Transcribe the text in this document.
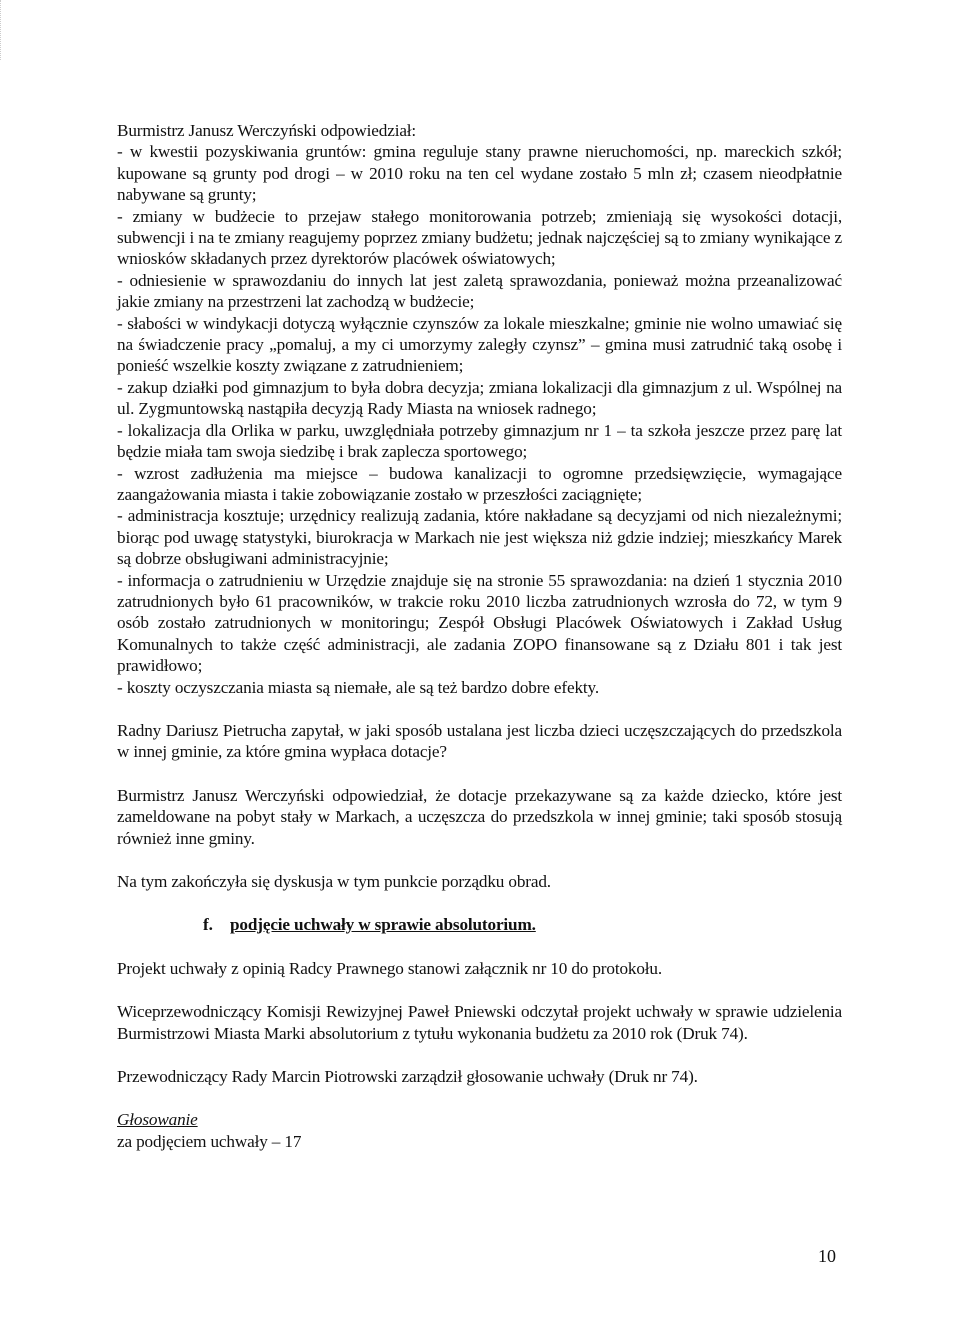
Burmistrz Janusz Werczyński odpowiedział:

- w kwestii pozyskiwania gruntów: gmina reguluje stany prawne nieruchomości, np. mareckich szkół; kupowane są grunty pod drogi – w 2010 roku na ten cel wydane zostało 5 mln zł; czasem nieodpłatnie nabywane są grunty;

- zmiany w budżecie to przejaw stałego monitorowania potrzeb; zmieniają się wysokości dotacji, subwencji i na te zmiany reagujemy poprzez zmiany budżetu; jednak najczęściej są to zmiany wynikające z wniosków składanych przez dyrektorów placówek oświatowych;

- odniesienie w sprawozdaniu do innych lat jest zaletą sprawozdania, ponieważ można przeanalizować jakie zmiany na przestrzeni lat zachodzą w budżecie;

- słabości w windykacji dotyczą wyłącznie czynszów za lokale mieszkalne; gminie nie wolno umawiać się na świadczenie pracy „pomaluj, a my ci umorzymy zaległy czynsz” – gmina musi zatrudnić taką osobę i ponieść wszelkie koszty związane z zatrudnieniem;

- zakup działki pod gimnazjum to była dobra decyzja; zmiana lokalizacji dla gimnazjum z ul. Wspólnej na ul. Zygmuntowską nastąpiła decyzją Rady Miasta na wniosek radnego;

- lokalizacja dla Orlika w parku, uwzględniała potrzeby gimnazjum nr 1 – ta szkoła jeszcze przez parę lat będzie miała tam swoja siedzibę i brak zaplecza sportowego;

- wzrost zadłużenia ma miejsce – budowa kanalizacji to ogromne przedsięwzięcie, wymagające zaangażowania miasta i takie zobowiązanie zostało w przeszłości zaciągnięte;

- administracja kosztuje; urzędnicy realizują zadania, które nakładane są decyzjami od nich niezależnymi; biorąc pod uwagę statystyki, biurokracja w Markach nie jest większa niż gdzie indziej; mieszkańcy Marek są dobrze obsługiwani administracyjnie;

- informacja o zatrudnieniu w Urzędzie znajduje się na stronie 55 sprawozdania: na dzień 1 stycznia 2010 zatrudnionych było 61 pracowników, w trakcie roku 2010 liczba zatrudnionych wzrosła do 72, w tym 9 osób zostało zatrudnionych w monitoringu; Zespół Obsługi Placówek Oświatowych i Zakład Usług Komunalnych to także część administracji, ale zadania ZOPO finansowane są z Działu 801 i tak jest prawidłowo;

- koszty oczyszczania miasta są niemałe, ale są też bardzo dobre efekty.

Radny Dariusz Pietrucha zapytał, w jaki sposób ustalana jest liczba dzieci uczęszczających do przedszkola w innej gminie, za które gmina wypłaca dotacje?

Burmistrz Janusz Werczyński odpowiedział, że dotacje przekazywane są za każde dziecko, które jest zameldowane na pobyt stały w Markach, a uczęszcza do przedszkola w innej gminie; taki sposób stosują również inne gminy.

Na tym zakończyła się dyskusja w tym punkcie porządku obrad.

f. podjęcie uchwały w sprawie absolutorium.

Projekt uchwały z opinią Radcy Prawnego stanowi załącznik nr 10 do protokołu.

Wiceprzewodniczący Komisji Rewizyjnej Paweł Pniewski odczytał projekt uchwały w sprawie udzielenia Burmistrzowi Miasta Marki absolutorium z tytułu wykonania budżetu za 2010 rok (Druk 74).

Przewodniczący Rady Marcin Piotrowski zarządził głosowanie uchwały (Druk nr 74).

Głosowanie

za podjęciem uchwały – 17

10
